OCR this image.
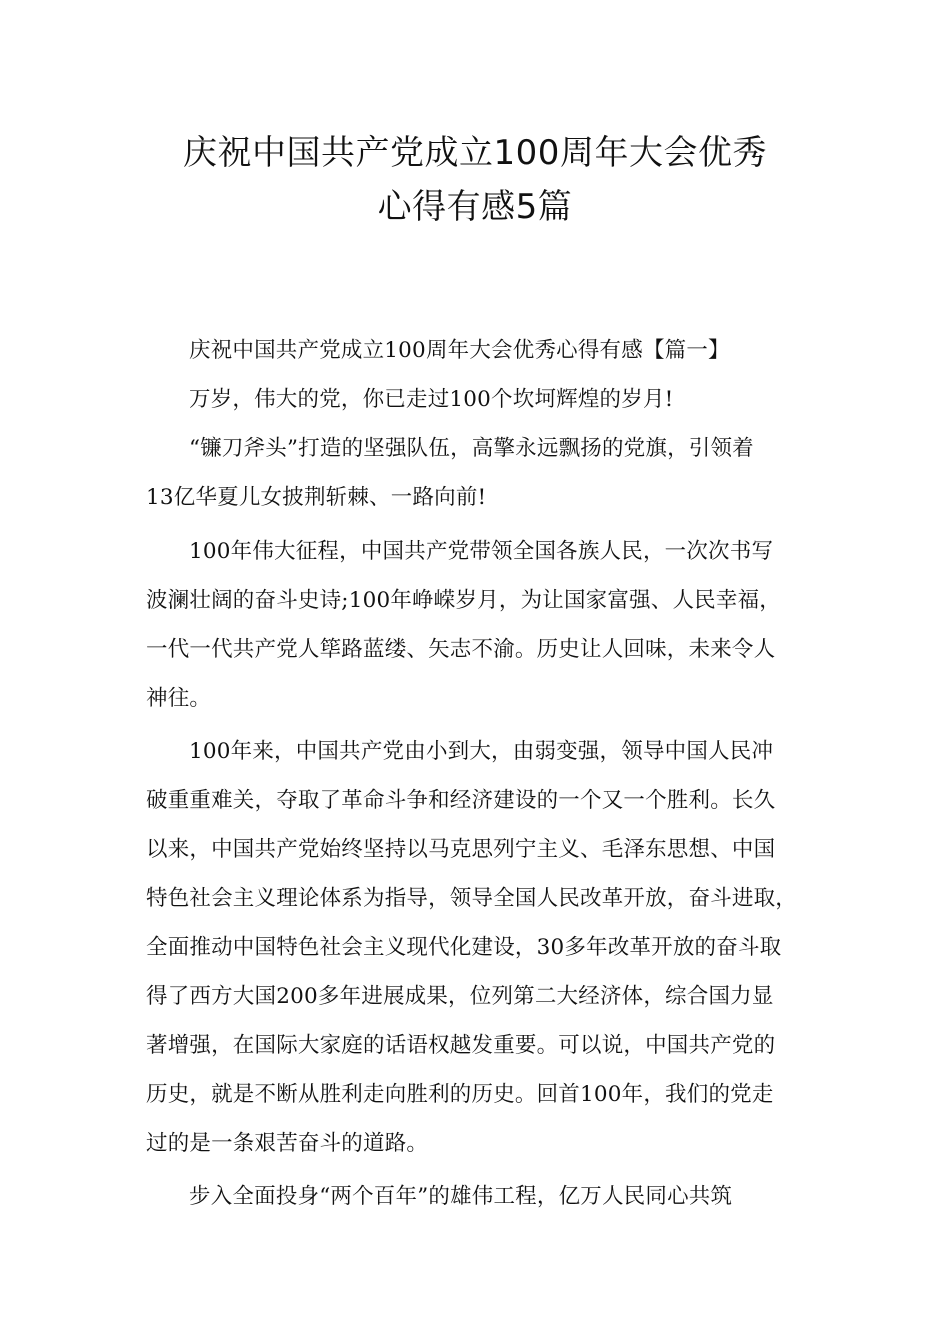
庆祝中国共产党成立100周年大会优秀
心得有感5篇
庆祝中国共产党成立100周年大会优秀心得有感【篇一】
万岁，伟大的党，你已走过100个坎坷辉煌的岁月!
“镰刀斧头”打造的坚强队伍，高擎永远飘扬的党旗，引领着
13亿华夏儿女披荆斩棘、一路向前!
100年伟大征程，中国共产党带领全国各族人民，一次次书写
波澜壮阔的奋斗史诗;100年峥嵘岁月，为让国家富强、人民幸福，
一代一代共产党人筚路蓝缕、矢志不渝。历史让人回味，未来令人
神往。
100年来，中国共产党由小到大，由弱变强，领导中国人民冲
破重重难关，夺取了革命斗争和经济建设的一个又一个胜利。长久
以来，中国共产党始终坚持以马克思列宁主义、毛泽东思想、中国
特色社会主义理论体系为指导，领导全国人民改革开放，奋斗进取，
全面推动中国特色社会主义现代化建设，30多年改革开放的奋斗取
得了西方大国200多年进展成果，位列第二大经济体，综合国力显
著增强，在国际大家庭的话语权越发重要。可以说，中国共产党的
历史，就是不断从胜利走向胜利的历史。回首100年，我们的党走
过的是一条艰苦奋斗的道路。
步入全面投身“两个百年”的雄伟工程，亿万人民同心共筑
